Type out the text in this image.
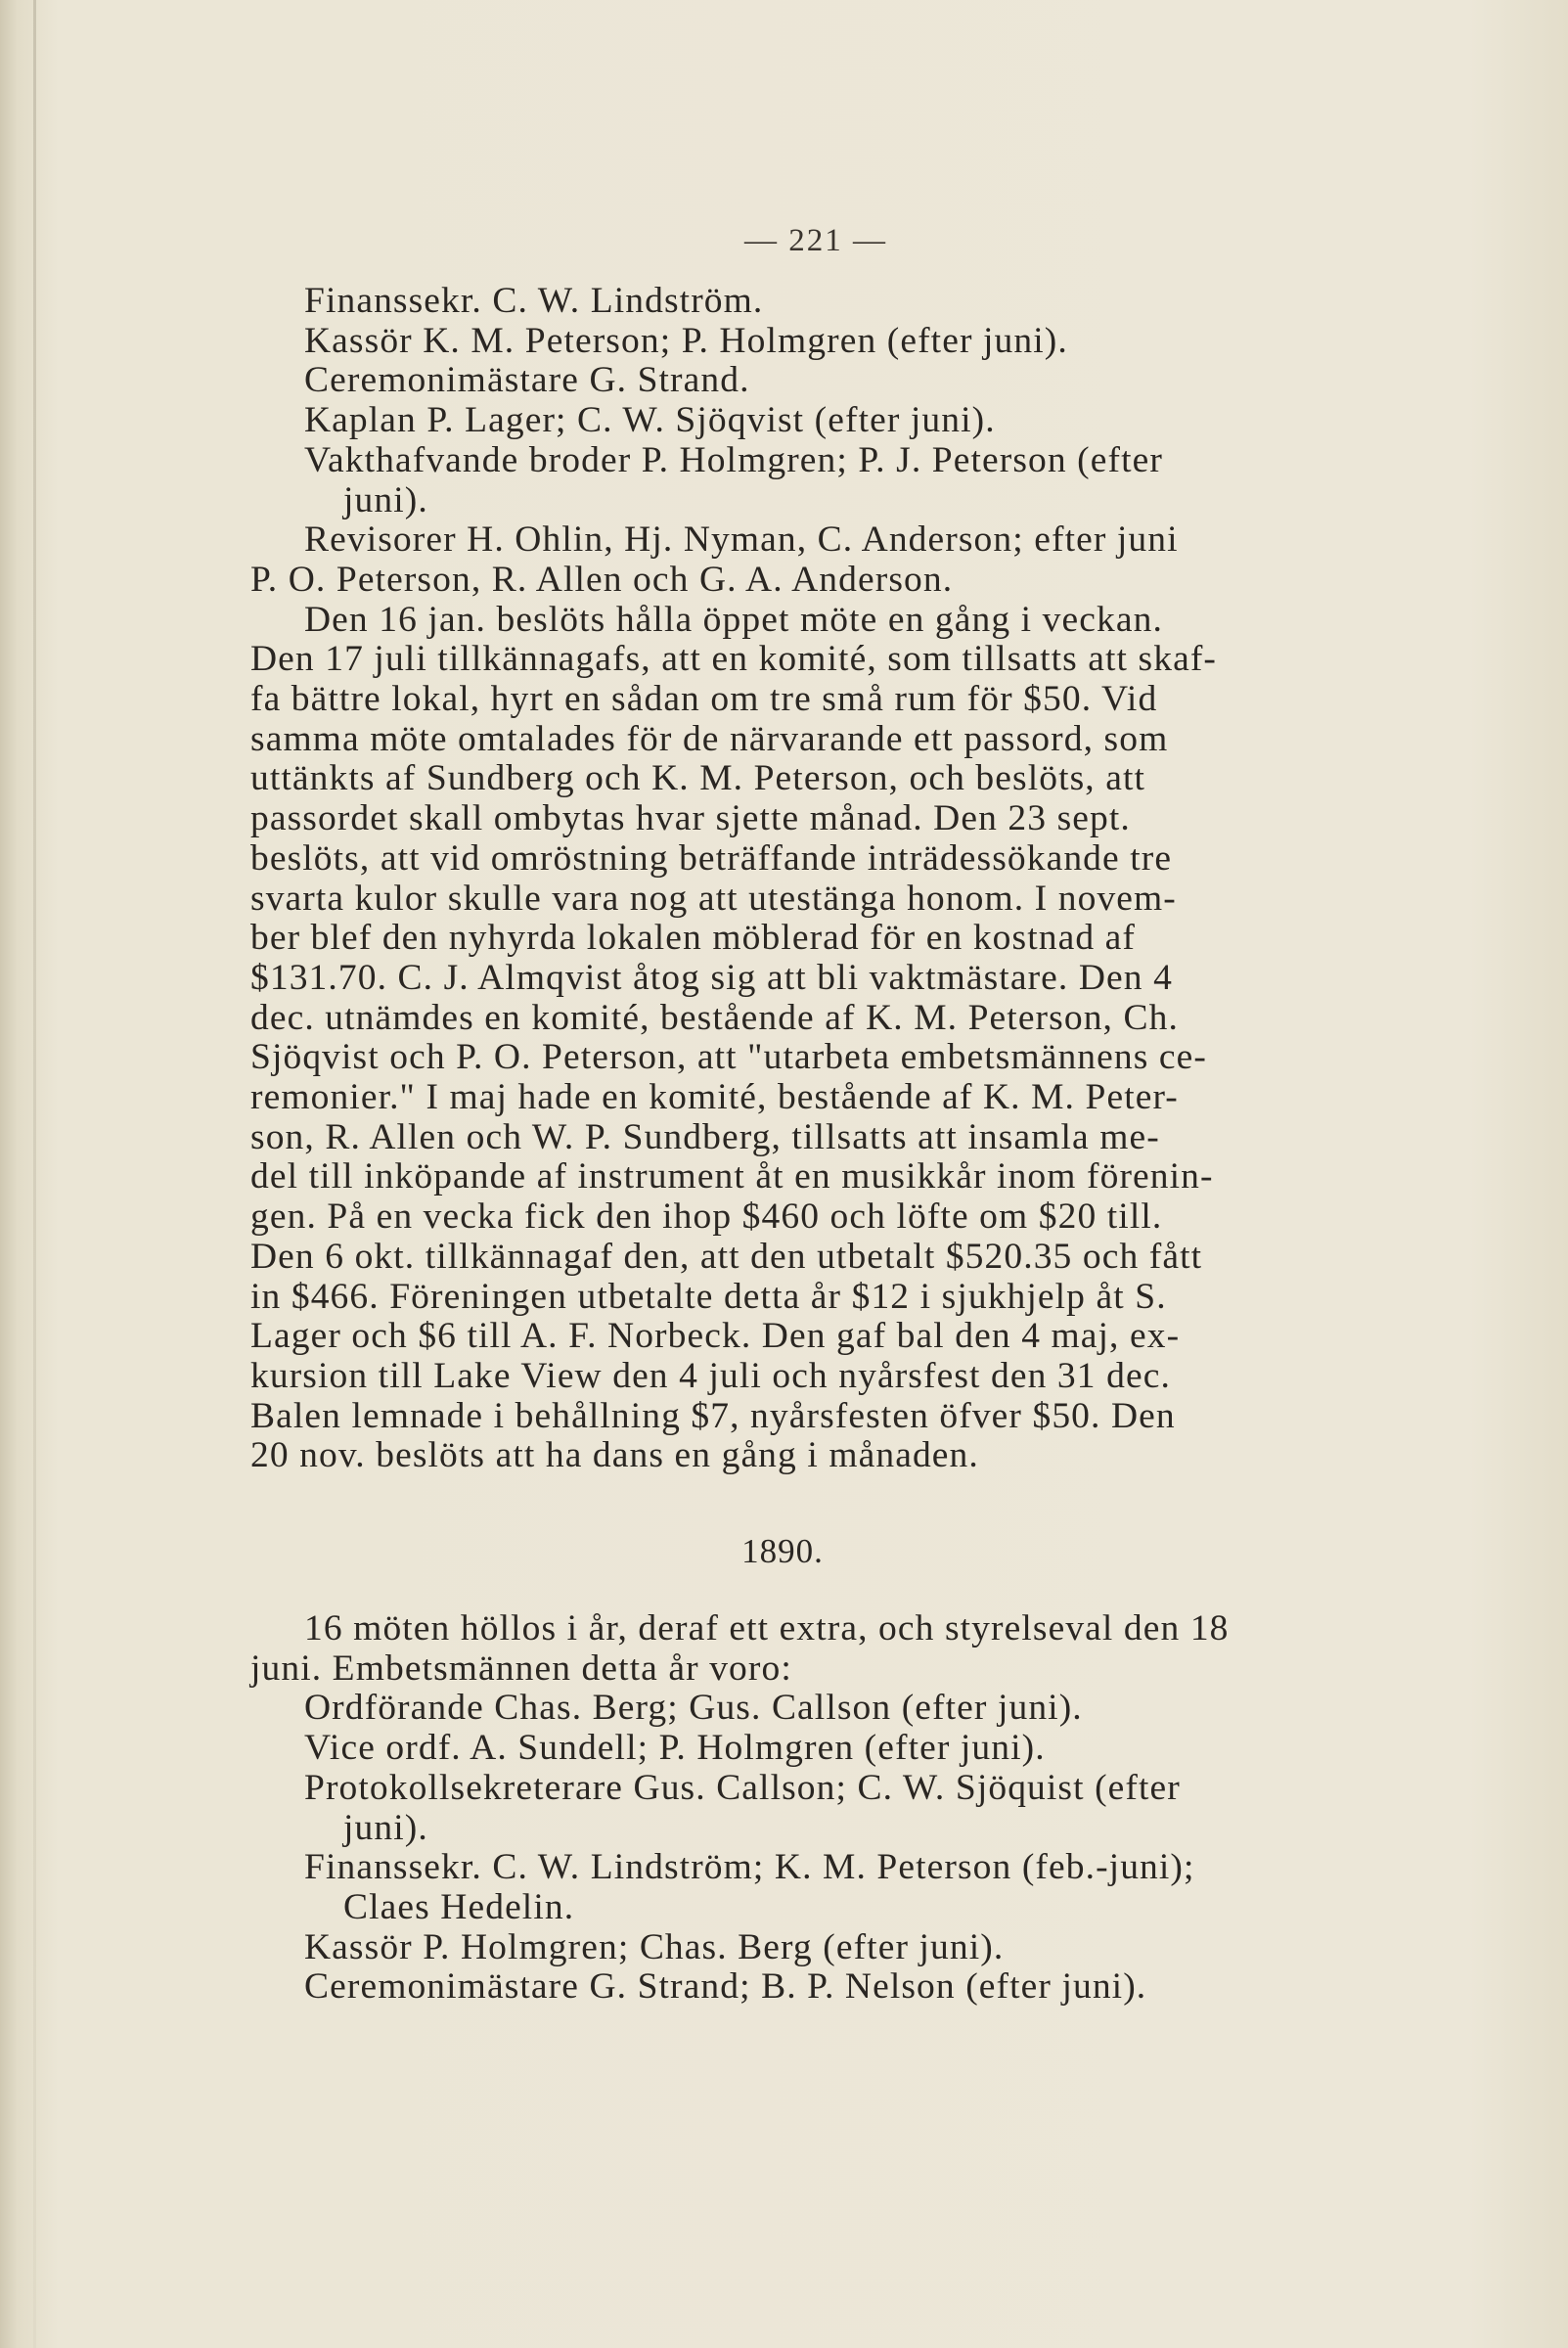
— 221 —
Finanssekr. C. W. Lindström.
Kassör K. M. Peterson; P. Holmgren (efter juni).
Ceremonimästare G. Strand.
Kaplan P. Lager; C. W. Sjöqvist (efter juni).
Vakthafvande broder P. Holmgren; P. J. Peterson (efter
juni).
Revisorer H. Ohlin, Hj. Nyman, C. Anderson; efter juni
P. O. Peterson, R. Allen och G. A. Anderson.
Den 16 jan. beslöts hålla öppet möte en gång i veckan.
Den 17 juli tillkännagafs, att en komité, som tillsatts att skaf-
fa bättre lokal, hyrt en sådan om tre små rum för $50. Vid
samma möte omtalades för de närvarande ett passord, som
uttänkts af Sundberg och K. M. Peterson, och beslöts, att
passordet skall ombytas hvar sjette månad. Den 23 sept.
beslöts, att vid omröstning beträffande inträdessökande tre
svarta kulor skulle vara nog att utestänga honom. I novem-
ber blef den nyhyrda lokalen möblerad för en kostnad af
$131.70. C. J. Almqvist åtog sig att bli vaktmästare. Den 4
dec. utnämdes en komité, bestående af K. M. Peterson, Ch.
Sjöqvist och P. O. Peterson, att "utarbeta embetsmännens ce-
remonier." I maj hade en komité, bestående af K. M. Peter-
son, R. Allen och W. P. Sundberg, tillsatts att insamla me-
del till inköpande af instrument åt en musikkår inom förenin-
gen. På en vecka fick den ihop $460 och löfte om $20 till.
Den 6 okt. tillkännagaf den, att den utbetalt $520.35 och fått
in $466. Föreningen utbetalte detta år $12 i sjukhjelp åt S.
Lager och $6 till A. F. Norbeck. Den gaf bal den 4 maj, ex-
kursion till Lake View den 4 juli och nyårsfest den 31 dec.
Balen lemnade i behållning $7, nyårsfesten öfver $50. Den
20 nov. beslöts att ha dans en gång i månaden.
1890.
16 möten höllos i år, deraf ett extra, och styrelseval den 18
juni. Embetsmännen detta år voro:
Ordförande Chas. Berg; Gus. Callson (efter juni).
Vice ordf. A. Sundell; P. Holmgren (efter juni).
Protokollsekreterare Gus. Callson; C. W. Sjöquist (efter
juni).
Finanssekr. C. W. Lindström; K. M. Peterson (feb.-juni);
Claes Hedelin.
Kassör P. Holmgren; Chas. Berg (efter juni).
Ceremonimästare G. Strand; B. P. Nelson (efter juni).
